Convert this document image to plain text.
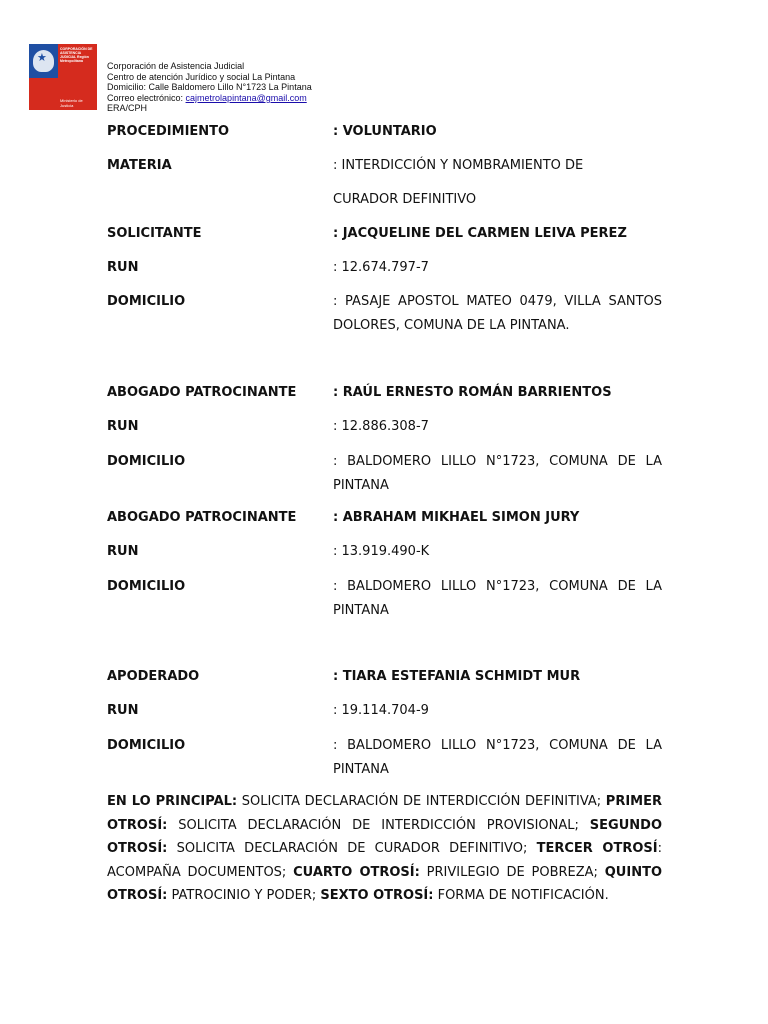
★
CORPORACIÓN DE ASISTENCIA JUDICIAL Región Metropolitana
Ministerio de Justicia
Corporación de Asistencia Judicial
Centro de atención Jurídico y social La Pintana
Domicilio: Calle Baldomero Lillo N°1723 La Pintana
Correo electrónico: cajmetrolapintana@gmail.com
ERA/CPH
PROCEDIMIENTO	: VOLUNTARIO
MATERIA	: INTERDICCIÓN Y NOMBRAMIENTO DE
CURADOR DEFINITIVO
SOLICITANTE	: JACQUELINE DEL CARMEN LEIVA PEREZ
RUN	: 12.674.797-7
DOMICILIO	: PASAJE APOSTOL MATEO 0479, VILLA SANTOS DOLORES, COMUNA DE LA PINTANA.
ABOGADO PATROCINANTE	: RAÚL ERNESTO ROMÁN BARRIENTOS
RUN	: 12.886.308-7
DOMICILIO	: BALDOMERO LILLO N°1723, COMUNA DE LA PINTANA
ABOGADO PATROCINANTE	: ABRAHAM MIKHAEL SIMON JURY
RUN	: 13.919.490-K
DOMICILIO	: BALDOMERO LILLO N°1723, COMUNA DE LA PINTANA
APODERADO	: TIARA ESTEFANIA SCHMIDT MUR
RUN	: 19.114.704-9
DOMICILIO	: BALDOMERO LILLO N°1723, COMUNA DE LA PINTANA
EN LO PRINCIPAL: SOLICITA DECLARACIÓN DE INTERDICCIÓN DEFINITIVA; PRIMER OTROSÍ: SOLICITA DECLARACIÓN DE INTERDICCIÓN PROVISIONAL; SEGUNDO OTROSÍ: SOLICITA DECLARACIÓN DE CURADOR DEFINITIVO; TERCER OTROSÍ: ACOMPAÑA DOCUMENTOS; CUARTO OTROSÍ: PRIVILEGIO DE POBREZA; QUINTO OTROSÍ: PATROCINIO Y PODER; SEXTO OTROSÍ: FORMA DE NOTIFICACIÓN.
